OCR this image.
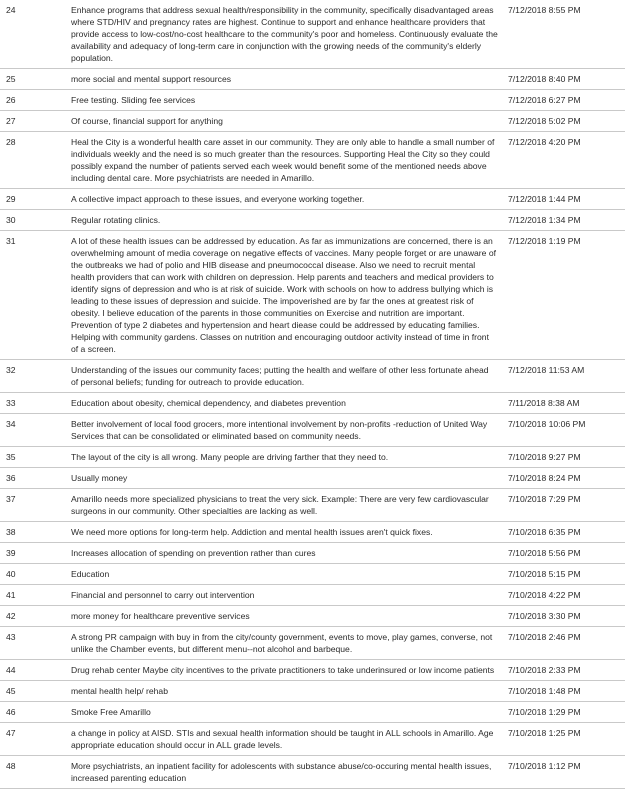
24	Enhance programs that address sexual health/responsibility in the community, specifically disadvantaged areas where STD/HIV and pregnancy rates are highest. Continue to support and enhance healthcare providers that provide access to low-cost/no-cost healthcare to the community's poor and homeless. Continuously evaluate the availability and adequacy of long-term care in conjunction with the growing needs of the community's elderly population.	7/12/2018 8:55 PM
25	more social and mental support resources	7/12/2018 8:40 PM
26	Free testing. Sliding fee services	7/12/2018 6:27 PM
27	Of course, financial support for anything	7/12/2018 5:02 PM
28	Heal the City is a wonderful health care asset in our community. They are only able to handle a small number of individuals weekly and the need is so much greater than the resources. Supporting Heal the City so they could possibly expand the number of patients served each week would benefit some of the mentioned needs above including dental care. More psychiatrists are needed in Amarillo.	7/12/2018 4:20 PM
29	A collective impact approach to these issues, and everyone working together.	7/12/2018 1:44 PM
30	Regular rotating clinics.	7/12/2018 1:34 PM
31	A lot of these health issues can be addressed by education. As far as immunizations are concerned, there is an overwhelming amount of media coverage on negative effects of vaccines. Many people forget or are unaware of the outbreaks we had of polio and HIB disease and pneumococcal disease. Also we need to recruit mental health providers that can work with children on depression. Help parents and teachers and medical providers to identify signs of depression and who is at risk of suicide. Work with schools on how to address bullying which is leading to these issues of depression and suicide. The impoverished are by far the ones at greatest risk of obesity. I believe education of the parents in those communities on Exercise and nutrition are important. Prevention of type 2 diabetes and hypertension and heart diease could be addressed by educating families. Helping with community gardens. Classes on nutrition and encouraging outdoor activity instead of time in front of a screen.	7/12/2018 1:19 PM
32	Understanding of the issues our community faces; putting the health and welfare of other less fortunate ahead of personal beliefs; funding for outreach to provide education.	7/12/2018 11:53 AM
33	Education about obesity, chemical dependency, and diabetes prevention	7/11/2018 8:38 AM
34	Better involvement of local food grocers, more intentional involvement by non-profits -reduction of United Way Services that can be consolidated or eliminated based on community needs.	7/10/2018 10:06 PM
35	The layout of the city is all wrong. Many people are driving farther that they need to.	7/10/2018 9:27 PM
36	Usually money	7/10/2018 8:24 PM
37	Amarillo needs more specialized physicians to treat the very sick. Example: There are very few cardiovascular surgeons in our community. Other specialties are lacking as well.	7/10/2018 7:29 PM
38	We need more options for long-term help. Addiction and mental health issues aren't quick fixes.	7/10/2018 6:35 PM
39	Increases allocation of spending on prevention rather than cures	7/10/2018 5:56 PM
40	Education	7/10/2018 5:15 PM
41	Financial and personnel to carry out intervention	7/10/2018 4:22 PM
42	more money for healthcare preventive services	7/10/2018 3:30 PM
43	A strong PR campaign with buy in from the city/county government, events to move, play games, converse, not unlike the Chamber events, but different menu--not alcohol and barbeque.	7/10/2018 2:46 PM
44	Drug rehab center Maybe city incentives to the private practitioners to take underinsured or low income patients	7/10/2018 2:33 PM
45	mental health help/ rehab	7/10/2018 1:48 PM
46	Smoke Free Amarillo	7/10/2018 1:29 PM
47	a change in policy at AISD. STIs and sexual health information should be taught in ALL schools in Amarillo. Age appropriate education should occur in ALL grade levels.	7/10/2018 1:25 PM
48	More psychiatrists, an inpatient facility for adolescents with substance abuse/co-occuring mental health issues, increased parenting education	7/10/2018 1:12 PM
